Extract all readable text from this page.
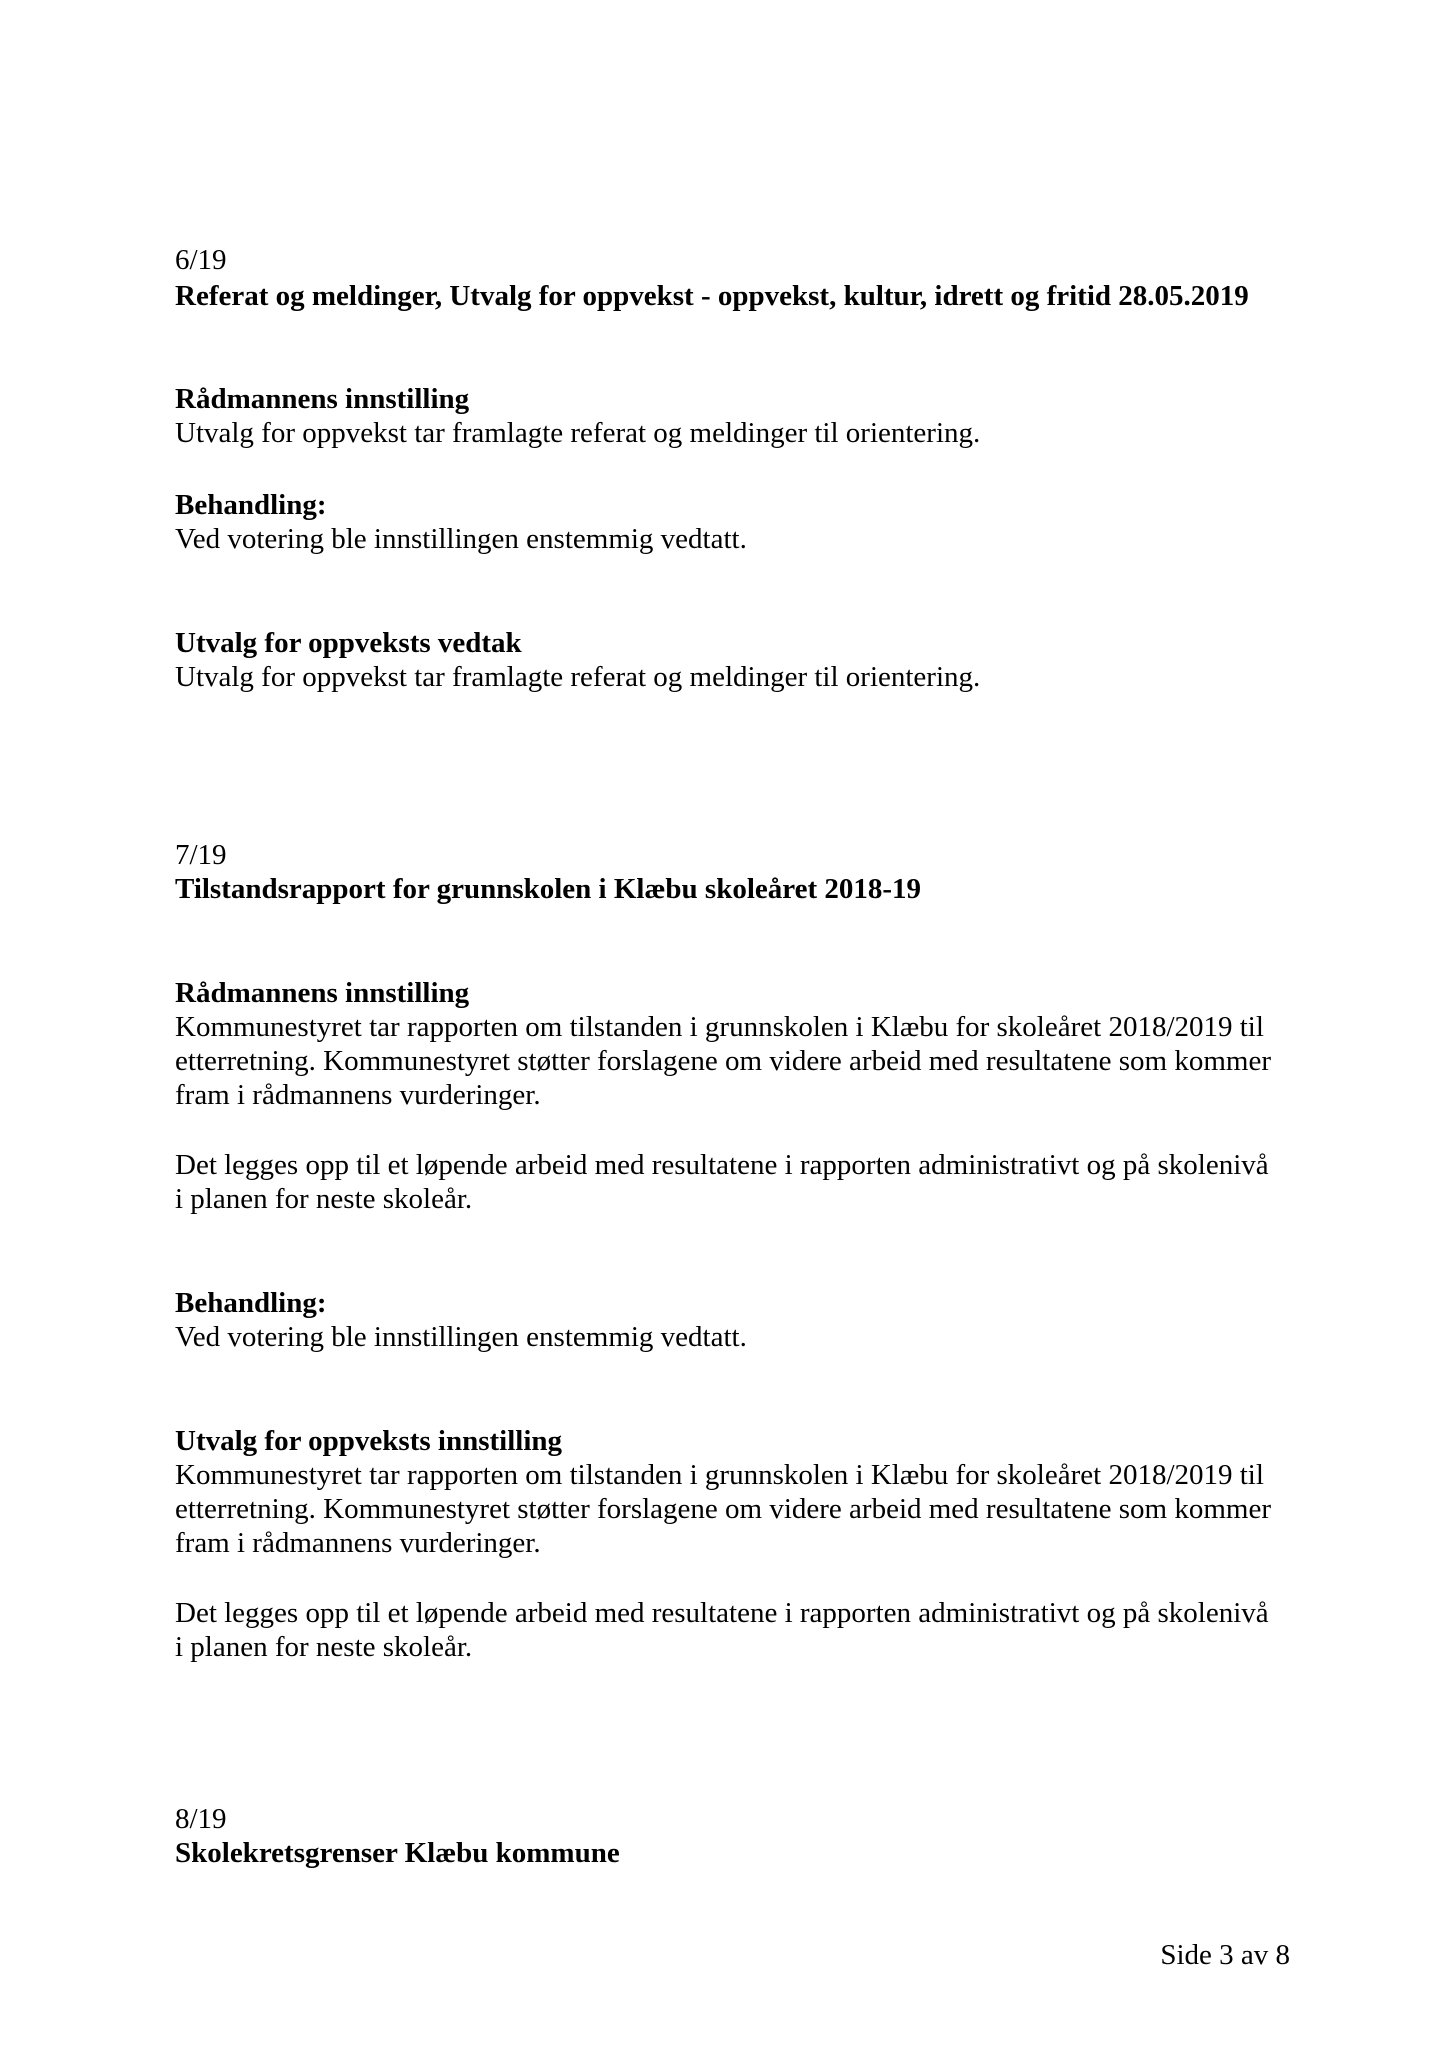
6/19

Referat og meldinger, Utvalg for oppvekst - oppvekst, kultur, idrett og fritid 28.05.2019

Rådmannens innstilling

Utvalg for oppvekst tar framlagte referat og meldinger til orientering.

Behandling:

Ved votering ble innstillingen enstemmig vedtatt.

Utvalg for oppveksts vedtak

Utvalg for oppvekst tar framlagte referat og meldinger til orientering.

7/19

Tilstandsrapport for grunnskolen i Klæbu skoleåret 2018-19

Rådmannens innstilling

Kommunestyret tar rapporten om tilstanden i grunnskolen i Klæbu for skoleåret 2018/2019 til

etterretning. Kommunestyret støtter forslagene om videre arbeid med resultatene som kommer

fram i rådmannens vurderinger.

Det legges opp til et løpende arbeid med resultatene i rapporten administrativt og på skolenivå

i planen for neste skoleår.

Behandling:

Ved votering ble innstillingen enstemmig vedtatt.

Utvalg for oppveksts innstilling

Kommunestyret tar rapporten om tilstanden i grunnskolen i Klæbu for skoleåret 2018/2019 til

etterretning. Kommunestyret støtter forslagene om videre arbeid med resultatene som kommer

fram i rådmannens vurderinger.

Det legges opp til et løpende arbeid med resultatene i rapporten administrativt og på skolenivå

i planen for neste skoleår.

8/19

Skolekretsgrenser Klæbu kommune

Side 3 av 8
